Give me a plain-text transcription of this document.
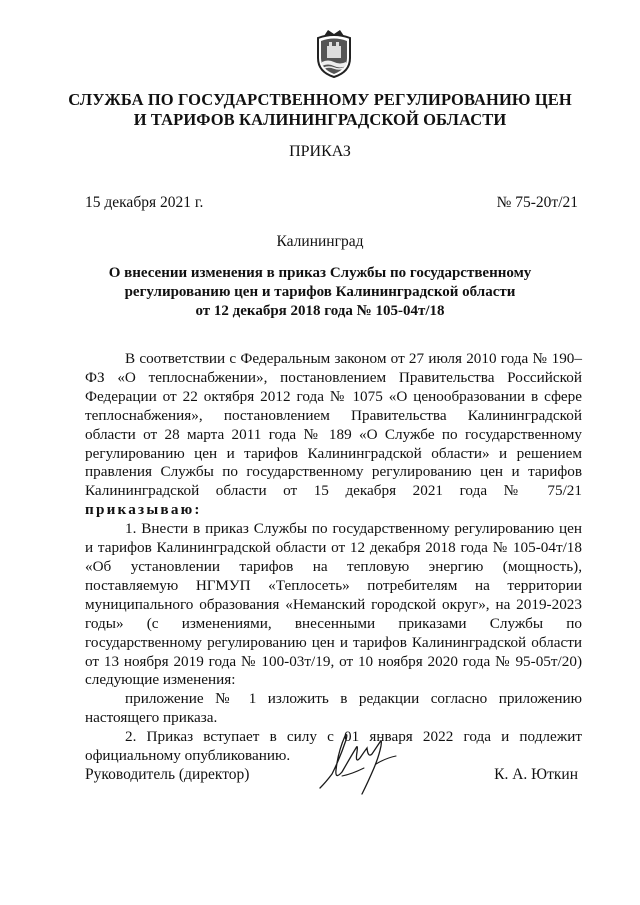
СЛУЖБА ПО ГОСУДАРСТВЕННОМУ РЕГУЛИРОВАНИЮ ЦЕН
И ТАРИФОВ КАЛИНИНГРАДСКОЙ ОБЛАСТИ
ПРИКАЗ
15 декабря 2021 г.	№ 75-20т/21
Калининград
О внесении изменения в приказ Службы по государственному
регулированию цен и тарифов Калининградской области
от 12 декабря 2018 года № 105-04т/18

В соответствии с Федеральным законом от 27 июля 2010 года № 190–ФЗ «О теплоснабжении», постановлением Правительства Российской Федерации от 22 октября 2012 года № 1075 «О ценообразовании в сфере теплоснабжения», постановлением Правительства Калининградской области от 28 марта 2011 года № 189 «О Службе по государственному регулированию цен и тарифов Калининградской области» и решением правления Службы по государственному регулированию цен и тарифов Калининградской области от 15 декабря 2021 года № 75/21 приказываю:

1. Внести в приказ Службы по государственному регулированию цен и тарифов Калининградской области от 12 декабря 2018 года № 105-04т/18 «Об установлении тарифов на тепловую энергию (мощность), поставляемую НГМУП «Теплосеть» потребителям на территории муниципального образования «Неманский городской округ», на 2019-2023 годы» (с изменениями, внесенными приказами Службы по государственному регулированию цен и тарифов Калининградской области от 13 ноября 2019 года № 100-03т/19, от 10 ноября 2020 года № 95-05т/20) следующие изменения:

приложение № 1 изложить в редакции согласно приложению настоящего приказа.

2. Приказ вступает в силу с 01 января 2022 года и подлежит официальному опубликованию.

Руководитель (директор)	К. А. Юткин
